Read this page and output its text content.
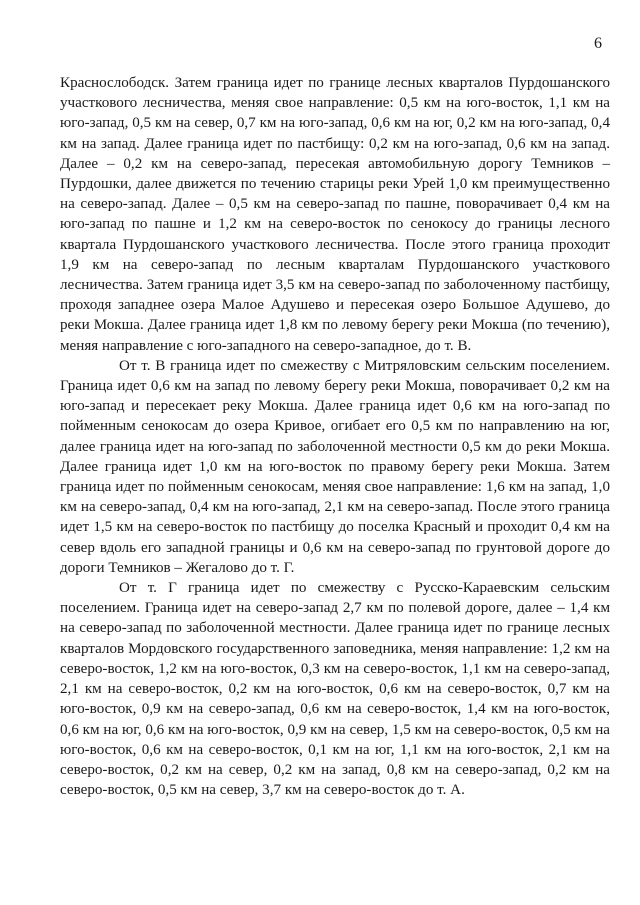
6

Краснослободск. Затем граница идет по границе лесных кварталов Пурдошанского участкового лесничества, меняя свое направление: 0,5 км на юго-восток, 1,1 км на юго-запад, 0,5 км на север, 0,7 км на юго-запад, 0,6 км на юг, 0,2 км на юго-запад, 0,4 км на запад. Далее граница идет по пастбищу: 0,2 км на юго-запад, 0,6 км на запад. Далее – 0,2 км на северо-запад, пересекая автомобильную дорогу Темников – Пурдошки, далее движется по течению старицы реки Урей 1,0 км преимущественно на северо-запад. Далее – 0,5 км на северо-запад по пашне, поворачивает 0,4 км на юго-запад по пашне и 1,2 км на северо-восток по сенокосу до границы лесного квартала Пурдошанского участкового лесничества. После этого граница проходит 1,9 км на северо-запад по лесным кварталам Пурдошанского участкового лесничества. Затем граница идет 3,5 км на северо-запад по заболоченному пастбищу, проходя западнее озера Малое Адушево и пересекая озеро Большое Адушево, до реки Мокша. Далее граница идет 1,8 км по левому берегу реки Мокша (по течению), меняя направление с юго-западного на северо-западное, до т. В.

От т. В граница идет по смежеству с Митряловским сельским поселением. Граница идет 0,6 км на запад по левому берегу реки Мокша, поворачивает 0,2 км на юго-запад и пересекает реку Мокша. Далее граница идет 0,6 км на юго-запад по пойменным сенокосам до озера Кривое, огибает его 0,5 км по направлению на юг, далее граница идет на юго-запад по заболоченной местности 0,5 км до реки Мокша. Далее граница идет 1,0 км на юго-восток по правому берегу реки Мокша. Затем граница идет по пойменным сенокосам, меняя свое направление: 1,6 км на запад, 1,0 км на северо-запад, 0,4 км на юго-запад, 2,1 км на северо-запад. После этого граница идет 1,5 км на северо-восток по пастбищу до поселка Красный и проходит 0,4 км на север вдоль его западной границы и 0,6 км на северо-запад по грунтовой дороге до дороги Темников – Жегалово до т. Г.

От т. Г граница идет по смежеству с Русско-Караевским сельским поселением. Граница идет на северо-запад 2,7 км по полевой дороге, далее – 1,4 км на северо-запад по заболоченной местности. Далее граница идет по границе лесных кварталов Мордовского государственного заповедника, меняя направление: 1,2 км на северо-восток, 1,2 км на юго-восток, 0,3 км на северо-восток, 1,1 км на северо-запад, 2,1 км на северо-восток, 0,2 км на юго-восток, 0,6 км на северо-восток, 0,7 км на юго-восток, 0,9 км на северо-запад, 0,6 км на северо-восток, 1,4 км на юго-восток, 0,6 км на юг, 0,6 км на юго-восток, 0,9 км на север, 1,5 км на северо-восток, 0,5 км на юго-восток, 0,6 км на северо-восток, 0,1 км на юг, 1,1 км на юго-восток, 2,1 км на северо-восток, 0,2 км на север, 0,2 км на запад, 0,8 км на северо-запад, 0,2 км на северо-восток, 0,5 км на север, 3,7 км на северо-восток до т. А.
